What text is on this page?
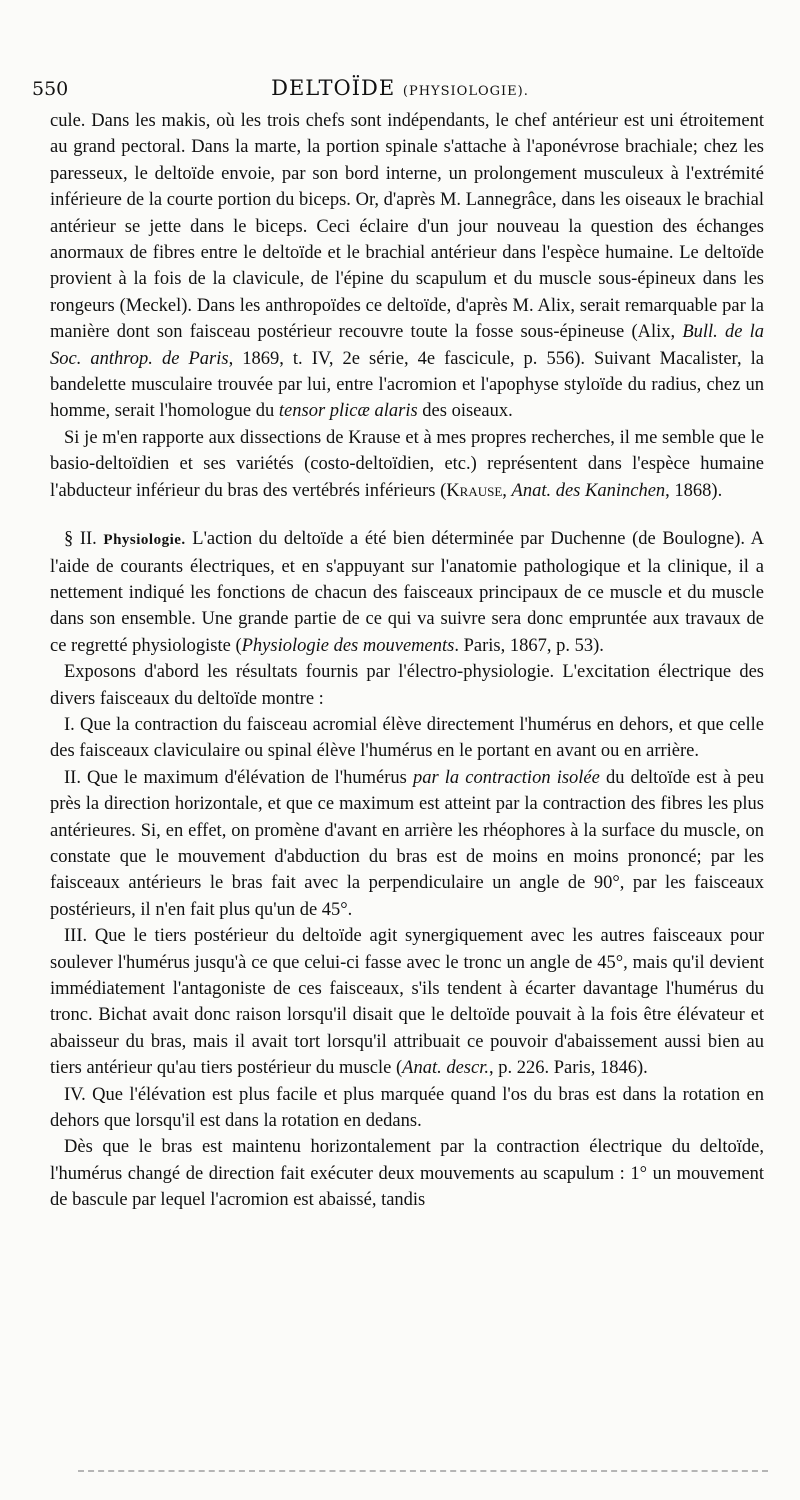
550	DELTOÏDE (PHYSIOLOGIE).

cule. Dans les makis, où les trois chefs sont indépendants, le chef antérieur est uni étroitement au grand pectoral. Dans la marte, la portion spinale s'attache à l'aponévrose brachiale; chez les paresseux, le deltoïde envoie, par son bord interne, un prolongement musculeux à l'extrémité inférieure de la courte portion du biceps. Or, d'après M. Lannegrâce, dans les oiseaux le brachial antérieur se jette dans le biceps. Ceci éclaire d'un jour nouveau la question des échanges anormaux de fibres entre le deltoïde et le brachial antérieur dans l'espèce humaine. Le deltoïde provient à la fois de la clavicule, de l'épine du scapulum et du muscle sous-épineux dans les rongeurs (Meckel). Dans les anthropoïdes ce deltoïde, d'après M. Alix, serait remarquable par la manière dont son faisceau postérieur recouvre toute la fosse sous-épineuse (Alix, Bull. de la Soc. anthrop. de Paris, 1869, t. IV, 2e série, 4e fascicule, p. 556). Suivant Macalister, la bandelette musculaire trouvée par lui, entre l'acromion et l'apophyse styloïde du radius, chez un homme, serait l'homologue du tensor plicæ alaris des oiseaux.

Si je m'en rapporte aux dissections de Krause et à mes propres recherches, il me semble que le basio-deltoïdien et ses variétés (costo-deltoïdien, etc.) représentent dans l'espèce humaine l'abducteur inférieur du bras des vertébrés inférieurs (Krause, Anat. des Kaninchen, 1868).

§ II. Physiologie. L'action du deltoïde a été bien déterminée par Duchenne (de Boulogne). A l'aide de courants électriques, et en s'appuyant sur l'anatomie pathologique et la clinique, il a nettement indiqué les fonctions de chacun des faisceaux principaux de ce muscle et du muscle dans son ensemble. Une grande partie de ce qui va suivre sera donc empruntée aux travaux de ce regretté physiologiste (Physiologie des mouvements. Paris, 1867, p. 53).

Exposons d'abord les résultats fournis par l'électro-physiologie. L'excitation électrique des divers faisceaux du deltoïde montre :

I. Que la contraction du faisceau acromial élève directement l'humérus en dehors, et que celle des faisceaux claviculaire ou spinal élève l'humérus en le portant en avant ou en arrière.

II. Que le maximum d'élévation de l'humérus par la contraction isolée du deltoïde est à peu près la direction horizontale, et que ce maximum est atteint par la contraction des fibres les plus antérieures. Si, en effet, on promène d'avant en arrière les rhéophores à la surface du muscle, on constate que le mouvement d'abduction du bras est de moins en moins prononcé; par les faisceaux antérieurs le bras fait avec la perpendiculaire un angle de 90°, par les faisceaux postérieurs, il n'en fait plus qu'un de 45°.

III. Que le tiers postérieur du deltoïde agit synergiquement avec les autres faisceaux pour soulever l'humérus jusqu'à ce que celui-ci fasse avec le tronc un angle de 45°, mais qu'il devient immédiatement l'antagoniste de ces faisceaux, s'ils tendent à écarter davantage l'humérus du tronc. Bichat avait donc raison lorsqu'il disait que le deltoïde pouvait à la fois être élévateur et abaisseur du bras, mais il avait tort lorsqu'il attribuait ce pouvoir d'abaissement aussi bien au tiers antérieur qu'au tiers postérieur du muscle (Anat. descr., p. 226. Paris, 1846).

IV. Que l'élévation est plus facile et plus marquée quand l'os du bras est dans la rotation en dehors que lorsqu'il est dans la rotation en dedans.

Dès que le bras est maintenu horizontalement par la contraction électrique du deltoïde, l'humérus changé de direction fait exécuter deux mouvements au scapulum : 1° un mouvement de bascule par lequel l'acromion est abaissé, tandis
